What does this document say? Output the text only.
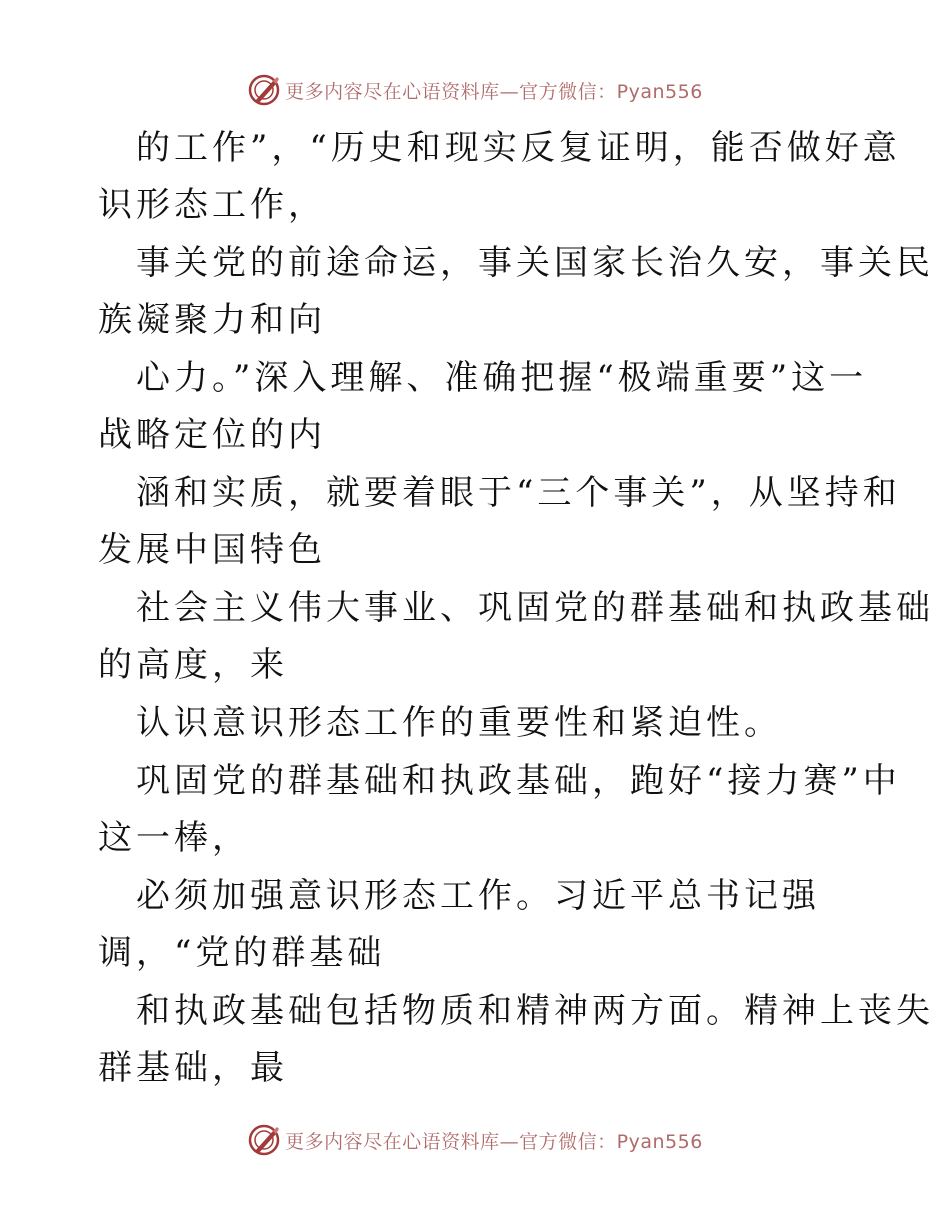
更多内容尽在心语资料库—官方微信：Pyan556
的工作”，“历史和现实反复证明，能否做好意
识形态工作，
事关党的前途命运，事关国家长治久安，事关民
族凝聚力和向
心力。”深入理解、准确把握“极端重要”这一
战略定位的内
涵和实质，就要着眼于“三个事关”，从坚持和
发展中国特色
社会主义伟大事业、巩固党的群基础和执政基础
的高度，来
认识意识形态工作的重要性和紧迫性。
巩固党的群基础和执政基础，跑好“接力赛”中
这一棒，
必须加强意识形态工作。习近平总书记强
调，“党的群基础
和执政基础包括物质和精神两方面。精神上丧失
群基础，最
更多内容尽在心语资料库—官方微信：Pyan556
